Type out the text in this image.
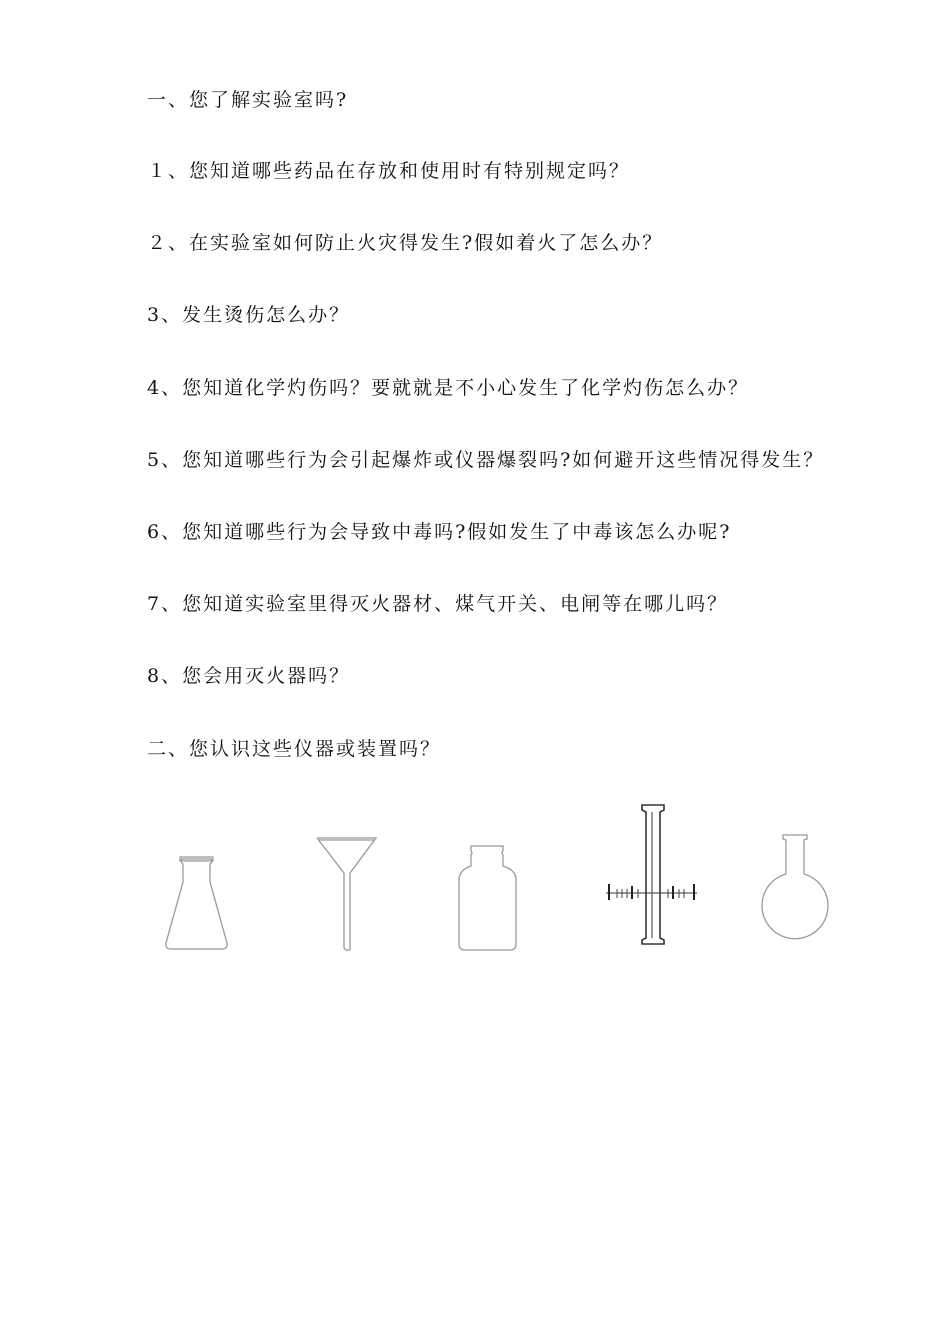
一、您了解实验室吗?
１、您知道哪些药品在存放和使用时有特别规定吗？
２、在实验室如何防止火灾得发生?假如着火了怎么办？
3、发生烫伤怎么办？
4、您知道化学灼伤吗？要就就是不小心发生了化学灼伤怎么办？
5、您知道哪些行为会引起爆炸或仪器爆裂吗?如何避开这些情况得发生？
6、您知道哪些行为会导致中毒吗?假如发生了中毒该怎么办呢?
7、您知道实验室里得灭火器材、煤气开关、电闸等在哪儿吗？
8、您会用灭火器吗？
二、您认识这些仪器或装置吗？
